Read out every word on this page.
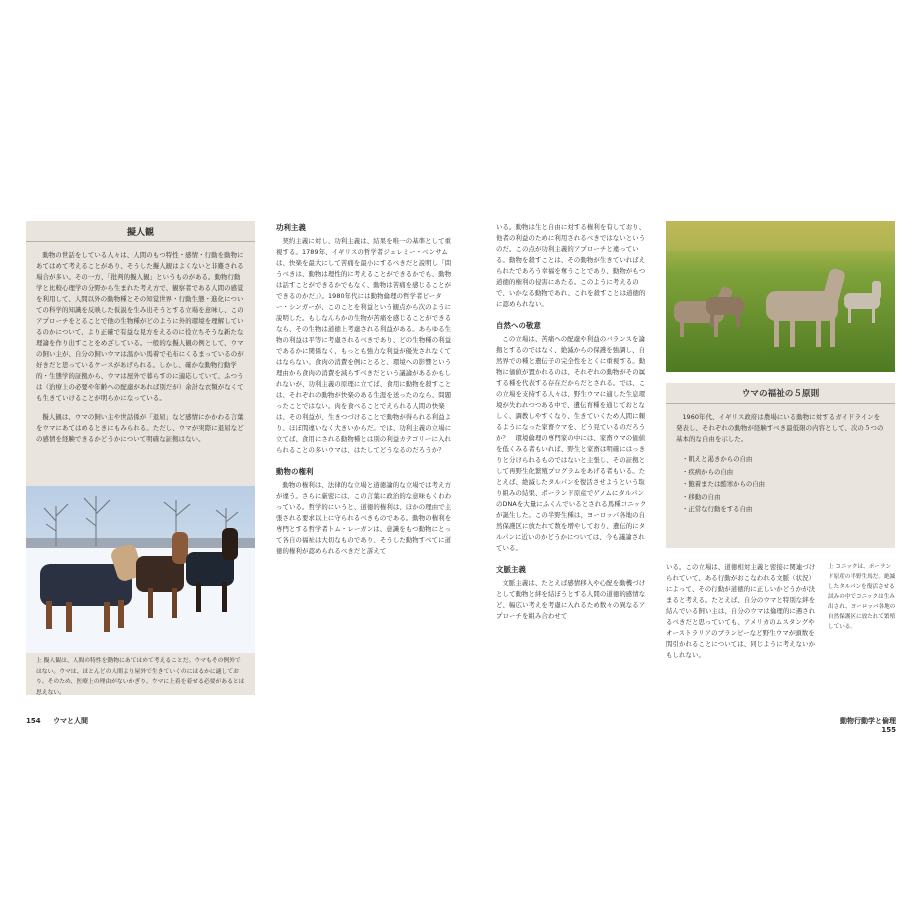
擬人観

動物の世話をしている人々は、人間のもつ特性・感情・行動を動物にあてはめて考えることがあり、そうした擬人観はよくないと非難される場合が多い。その一方、「批判的擬人観」というものがある。動物行動学と比較心理学の分野から生まれた考え方で、観察者である人間の感覚を利用して、人間以外の動物種とその知覚世界・行動生態・進化についての科学的知識を反映した仮説を生み出そうとする立場を意味し、このアプローチをとることで他の生物種がどのように外的環境を理解しているのかについて、より正確で有益な見方をえるのに役立ちそうな新たな理論を作り出すことをめざしている。一般的な擬人観の例として、ウマの飼い主が、自分の飼いウマは温かい馬着で毛布にくるまっているのが好きだと思っているケースがあげられる。しかし、確かな動物行動学的・生態学的証拠から、ウマは屋外で暮らすのに適応していて、ふつうは（治療上の必要や年齢への配慮があれば別だが）余計な衣類がなくても生きていけることが明らかになっている。

擬人観は、ウマの飼い主や世話係が「退屈」など感情にかかわる言葉をウマにあてはめるときにもみられる。ただし、ウマが実際に退屈などの感情を経験できるかどうかについて明確な証拠はない。

上 擬人観は、人間の特性を動物にあてはめて考えることだ。ウマもその例外ではない。ウマは、ほとんどの人間より屋外で生きていくのにはるかに適しており、そのため、医療上の理由がないかぎり、ウマに上着を着せる必要があるとは思えない。

功利主義

契約主義に対し、功利主義は、結果を唯一の基準として重視する。1789年、イギリスの哲学者ジェレミー・ベンサムは、快楽を最大にして苦痛を最小にするべきだと説明し「問うべきは、動物は理性的に考えることができるかでも、動物は話すことができるかでもなく、動物は苦痛を感じることができるのかだ」）。1980年代には動物倫理の哲学者ピーター・シンガーが、このことを利益という観点から次のように説明した。もしなんらかの生物が苦痛を感じることができるなら、その生物は道徳上考慮される利益がある。あらゆる生物の利益は平等に考慮されるべきであり、どの生物種の利益であるかに関係なく、もっとも強力な利益が優先されなくてはならない。食肉の消費を例にとると、環境への影響という理由から食肉の消費を減らすべきだという議論があるかもしれないが、功利主義の原理に立てば、食用に動物を殺すことは、それぞれの動物が快楽のある生涯を送ったのなら、問題ったことではない。肉を食べることでえられる人間の快楽は、その利益が、生きつづけることで動物が得られる利益より、ほぼ間違いなく大きいからだ。では、功利主義の立場に立てば、食用にされる動物種とは別の利益カテゴリーに入れられることの多いウマは、はたしてどうなるのだろうか？

動物の権利

動物の権利は、法律的な立場と道徳論的な立場では考え方が違う。さらに厳密には、この言葉に政治的な意味もくわわっている。哲学的にいうと、道徳的権利は、ほかの理由で主張される要求以上に守られるべきものである。動物の権利を専門とする哲学者トム・レーガンは、意識をもつ動物にとって各自の福祉は大切なものであり、そうした動物すべてに道徳的権利が認められるべきだと訴えて

154 ウマと人間

いる。動物は生と自由に対する権利を有しており、他者の利益のために利用されるべきではないというのだ。この点が功利主義的アプローチと違っている。動物を殺すことは、その動物が生きていればえられたであろう幸福を奪うことであり、動物がもつ道徳的権利の侵害にあたる。このように考えるので、いかなる動物であれ、これを殺すことは道徳的に認められない。

自然への敬意

この立場は、苦痛への配慮や利益のバランスを論拠とするのではなく、絶滅からの保護を強調し、自然界での種と遺伝子の完全性をとくに重視する。動物に価値が置かれるのは、それぞれの動物がその属する種を代表する存在だからだとされる。では、この立場を支持する人々は、野生ウマに適した生息環境が失われつつある中で、遺伝育種を通じておとなしく、調教しやすくなり、生きていくため人間に頼るようになった家畜ウマを、どう見ているのだろうか？　環境倫理の専門家の中には、家畜ウマの価値を低くみる者もいれば、野生と家畜は明確にはっきりと分けられるものではないと主張し、その証拠として再野生化繁殖プログラムをあげる者もいる。たとえば、絶滅したタルパンを復活させようという取り組みの結果、ポーランド原産でゲノムにタルパンのDNAを大量にふくんでいるとされる馬種コニックが誕生した。この半野生種は、ヨーロッパ各地の自然保護区に放たれて数を増やしており、遺伝的にタルパンに近いのかどうかについては、今も議論されている。

文脈主義

文脈主義は、たとえば感情移入や心配を動機づけとして動物と絆を結ぼうとする人間の道徳的感情など、幅広い考えを考慮に入れるため数々の異なるアプローチを組み合わせて

ウマの福祉の５原則

1960年代、イギリス政府は農場にいる動物に対するガイドラインを発表し、それぞれの動物が経験すべき最低限の内容として、次の５つの基本的な自由を示した。

・飢えと渇きからの自由
・疾病からの自由
・飽着または酷寒からの自由
・移動の自由
・正常な行動をする自由

いる。この立場は、道徳相対主義と密接に関連づけられていて、ある行動がおこなわれる文脈（状況）によって、その行動が道徳的に正しいかどうかが決まると考える。たとえば、自分のウマと特別な絆を結んでいる飼い主は、自分のウマは倫理的に遇されるべきだと思っていても、アメリカのムスタングやオーストラリアのブランビーなど野生ウマが頭数を間引かれることについては、同じように考えないかもしれない。

上 コニックは、ポーランド原産の半野生馬だ。絶滅したタルパンを復活させる試みの中でコニックは生み出され、ヨーロッパ各地の自然保護区に放たれて繁殖している。
動物行動学と倫理 155
